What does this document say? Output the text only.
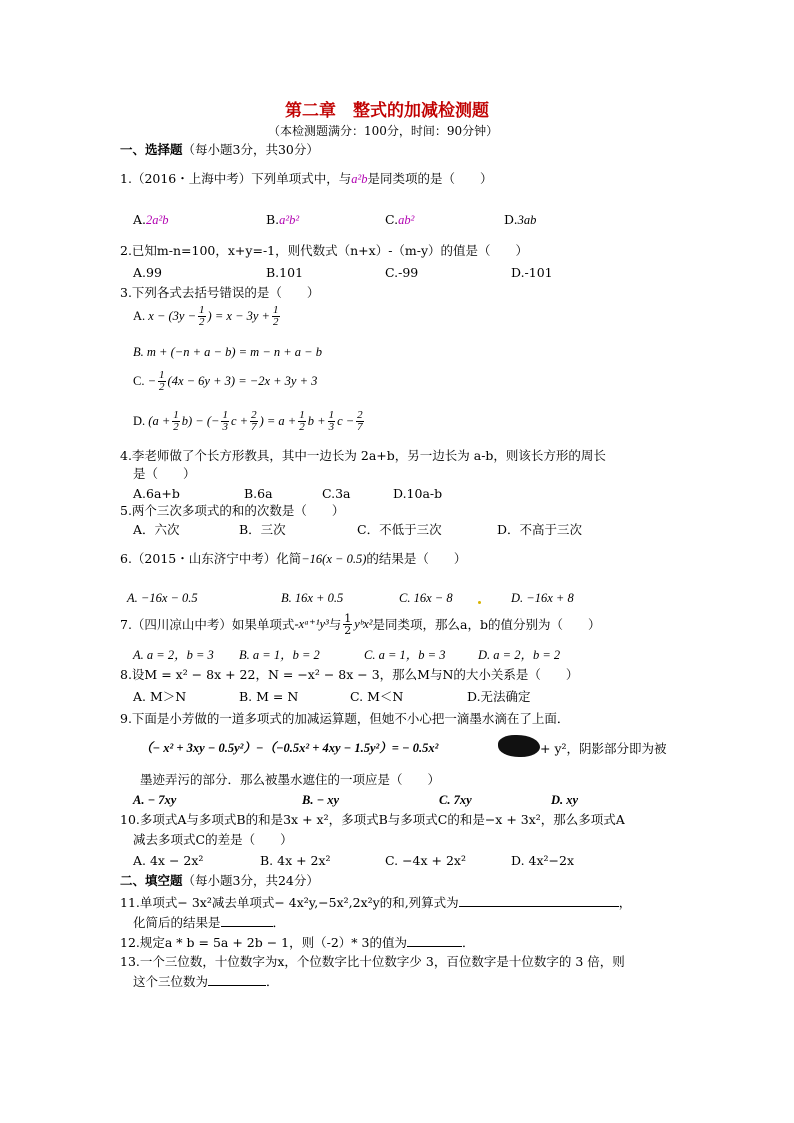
第二章　整式的加减检测题
（本检测题满分：100分，时间：90分钟）
一、选择题（每小题3分，共30分）
1.（2016・上海中考）下列单项式中，与a²b是同类项的是（　　）
A.2a²b	B.a²b²	C.ab²	D.3ab
2.已知m-n=100，x+y=-1，则代数式（n+x）-（m-y）的值是（　　）
A.99	B.101	C.-99	D.-101
3.下列各式去括号错误的是（　　）
A.
$x - (3y - \frac{1}{2}$ ) = $x - 3y + \frac{1}{2}$
B. m + (−n + a − b) = m − n + a − b
C. − $\frac{1}{2} (4x - 6y + 3) = -2x + 3y + 3$
D. $(a + \frac{1}{2} b)$ − (− $\frac{1}{3}$ $c + \frac{2}{7}$ ) = $a + \frac{1}{2}$ $b + \frac{1}{3}$ $c - \frac{2}{7}$
4.李老师做了个长方形教具，其中一边长为 2a+b，另一边长为 a-b，则该长方形的周长
是（　　）
A.6a+b	B.6a	C.3a	D.10a-b
5.两个三次多项式的和的次数是（　　）
A．六次	B．三次	C．不低于三次	D．不高于三次
6.（2015・山东济宁中考）化简−16(x − 0.5)的结果是（　　）
A. −16x − 0.5	B. 16x + 0.5	C. 16x − 8	D. −16x + 8
7.（四川凉山中考）如果单项式 -xᵃ⁺¹y³ 与 $\frac{1}{2}$ yᵇx² 是同类项，那么a，b的值分别为（　　）
A. a = 2，b = 3 B. a = 1，b = 2	C. a = 1，b = 3	D. a = 2，b = 2
8.设M = x² − 8x + 22，N = −x² − 8x − 3，那么M与N的大小关系是（　　）
A. M＞N	B. M = N	C. M＜N	D.无法确定
9.下面是小芳做的一道多项式的加减运算题，但她不小心把一滴墨水滴在了上面．
（− x² + 3xy − 0.5y²）−（−0.5x² + 4xy − 1.5y²）= − 0.5x²	+ y²，阴影部分即为被
墨迹弄污的部分．那么被墨水遮住的一项应是（　　）
A. − 7xy	B. − xy	C. 7xy	D. xy
10.多项式A与多项式B的和是3x + x²，多项式B与多项式C的和是−x + 3x²，那么多项式A
减去多项式C的差是（　　）
A. 4x − 2x²	B. 4x + 2x²	C. −4x + 2x²	D. 4x²−2x
二、填空题（每小题3分，共24分）
11.单项式− 3x²减去单项式− 4x²y,−5x²,2x²y的和,列算式为	，
化简后的结果是	．
12.规定a * b = 5a + 2b − 1，则（-2）* 3的值为	．
13.一个三位数，十位数字为x，个位数字比十位数字少 3，百位数字是十位数字的 3 倍，则
这个三位数为	．
